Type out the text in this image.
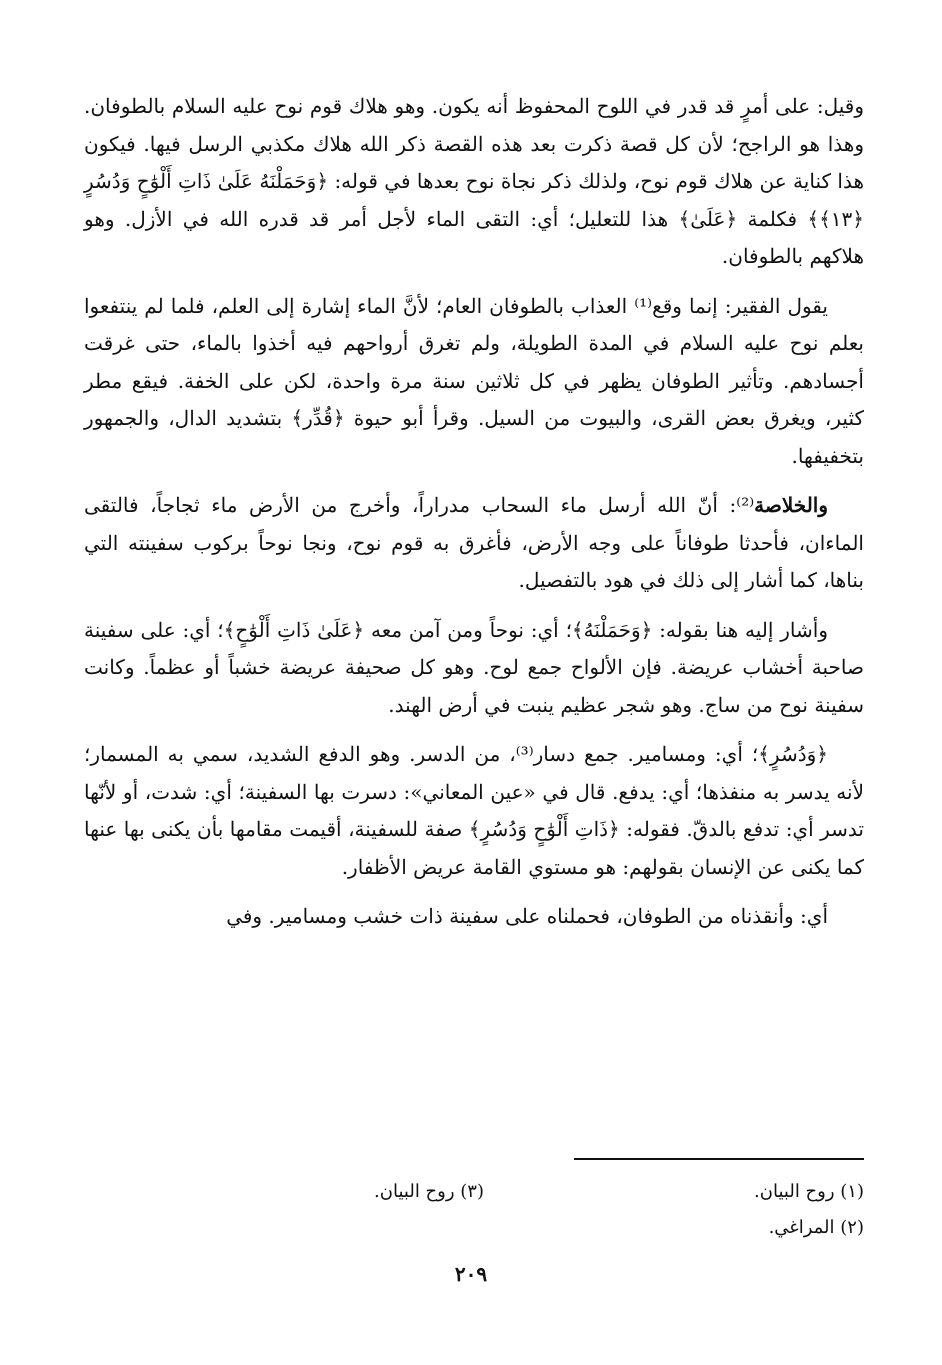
وقيل: على أمرٍ قد قدر في اللوح المحفوظ أنه يكون. وهو هلاك قوم نوح عليه السلام بالطوفان. وهذا هو الراجح؛ لأن كل قصة ذكرت بعد هذه القصة ذكر الله هلاك مكذبي الرسل فيها. فيكون هذا كناية عن هلاك قوم نوح، ولذلك ذكر نجاة نوح بعدها في قوله: ﴿وَحَمَلْنَهُ عَلَىٰ ذَاتِ أَلْوَٰحٍ وَدُسُرٍ ﴿١٣﴾﴾ فكلمة ﴿عَلَىٰ﴾ هذا للتعليل؛ أي: التقى الماء لأجل أمر قد قدره الله في الأزل. وهو هلاكهم بالطوفان.

يقول الفقير: إنما وقع⁽¹⁾ العذاب بالطوفان العام؛ لأنَّ الماء إشارة إلى العلم، فلما لم ينتفعوا بعلم نوح عليه السلام في المدة الطويلة، ولم تغرق أرواحهم فيه أخذوا بالماء، حتى غرقت أجسادهم. وتأثير الطوفان يظهر في كل ثلاثين سنة مرة واحدة، لكن على الخفة. فيقع مطر كثير، ويغرق بعض القرى، والبيوت من السيل. وقرأ أبو حيوة ﴿قُدِّر﴾ بتشديد الدال، والجمهور بتخفيفها.

والخلاصة⁽²⁾: أنّ الله أرسل ماء السحاب مدراراً، وأخرج من الأرض ماء ثجاجاً، فالتقى الماءان، فأحدثا طوفاناً على وجه الأرض، فأغرق به قوم نوح، ونجا نوحاً بركوب سفينته التي بناها، كما أشار إلى ذلك في هود بالتفصيل.

وأشار إليه هنا بقوله: ﴿وَحَمَلْنَهُ﴾؛ أي: نوحاً ومن آمن معه ﴿عَلَىٰ ذَاتِ أَلْوَٰحٍ﴾؛ أي: على سفينة صاحبة أخشاب عريضة. فإن الألواح جمع لوح. وهو كل صحيفة عريضة خشباً أو عظماً. وكانت سفينة نوح من ساج. وهو شجر عظيم ينبت في أرض الهند.

﴿وَدُسُرٍ﴾؛ أي: ومسامير. جمع دسار⁽³⁾، من الدسر. وهو الدفع الشديد، سمي به المسمار؛ لأنه يدسر به منفذها؛ أي: يدفع. قال في «عين المعاني»: دسرت بها السفينة؛ أي: شدت، أو لأنّها تدسر أي: تدفع بالدقّ. فقوله: ﴿ذَاتِ أَلْوَٰحٍ وَدُسُرٍ﴾ صفة للسفينة، أقيمت مقامها بأن يكنى بها عنها كما يكنى عن الإنسان بقولهم: هو مستوي القامة عريض الأظفار.

أي: وأنقذناه من الطوفان، فحملناه على سفينة ذات خشب ومسامير. وفي

(١) روح البيان.
(٣) روح البيان.
(٢) المراغي.
٢٠٩
